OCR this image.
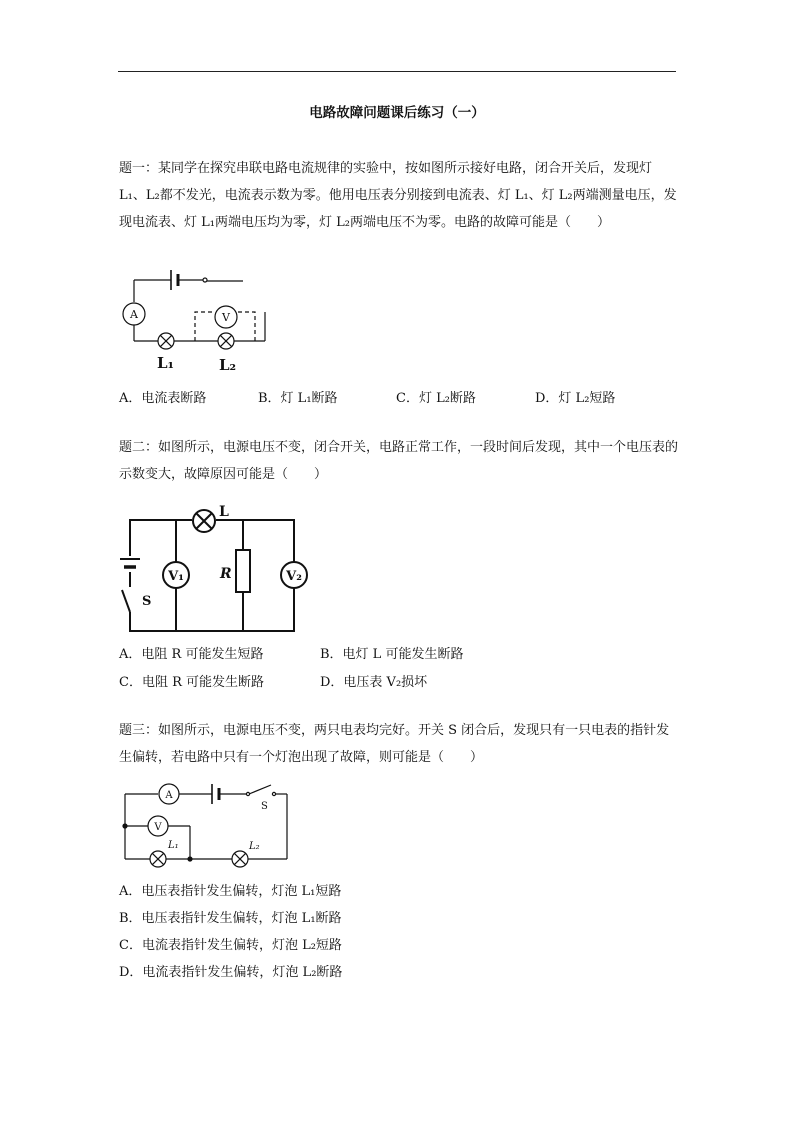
电路故障问题课后练习（一）
题一：某同学在探究串联电路电流规律的实验中，按如图所示接好电路，闭合开关后，发现灯 L₁、L₂都不发光，电流表示数为零。他用电压表分别接到电流表、灯 L₁、灯 L₂两端测量电压，发现电流表、灯 L₁两端电压均为零，灯 L₂两端电压不为零。电路的故障可能是（　　）
A	V
L₁	L₂
A．电流表断路	B．灯 L₁断路	C．灯 L₂断路	D．灯 L₂短路
题二：如图所示，电源电压不变，闭合开关，电路正常工作，一段时间后发现，其中一个电压表的示数变大，故障原因可能是（　　）
L
S
V₁	R	V₂
A．电阻 R 可能发生短路	B．电灯 L 可能发生断路
C．电阻 R 可能发生断路	D．电压表 V₂损坏
题三：如图所示，电源电压不变，两只电表均完好。开关 S 闭合后，发现只有一只电表的指针发生偏转，若电路中只有一个灯泡出现了故障，则可能是（　　）
A
S
V
L₁	L₂
A．电压表指针发生偏转，灯泡 L₁短路
B．电压表指针发生偏转，灯泡 L₁断路
C．电流表指针发生偏转，灯泡 L₂短路
D．电流表指针发生偏转，灯泡 L₂断路
